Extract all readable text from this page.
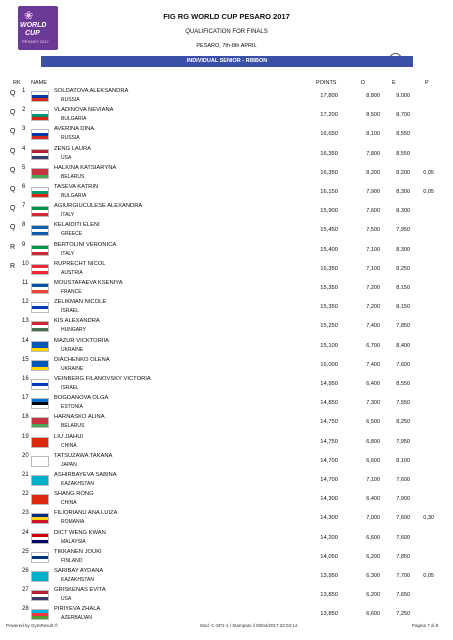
❀
WORLD
CUP
PESARO 2017
FIG RG WORLD CUP PESARO 2017
QUALIFICATION FOR FINALS
PESARO, 7th-8th APRIL
INDIVIDUAL SENIOR - RIBBON
RK NAME	POINTS	D	E	P
Q 1	SOLDATOVA ALEKSANDRA
RUSSIA
17,800	8,800	9,000
Q 2	VLADINOVA NEVIANA
BULGARIA
17,200	8,500	8,700
Q 3	AVERINA DINA
RUSSIA
16,650	8,100	8,550
Q 4	ZENG LAURA
USA
16,350	7,800	8,550
Q 5	HALKINA KATSIARYNA
BELARUS
16,350	8,200	8,200	0,05
Q 6	TASEVA KATRIN
BULGARIA
16,150	7,900	8,300	0,05
Q 7	AGIURGIUCULESE ALEXANDRA
ITALY
15,900	7,600	8,300
Q 8	KELAIDITI ELENI
GREECE
15,450	7,500	7,950
R 9	BERTOLINI VERONICA
ITALY
15,400	7,100	8,300
R 10	RUPRECHT NICOL
AUSTRIA
15,350	7,100	8,250
11	MOUSTAFAEVA KSENIYA
FRANCE
15,350	7,200	8,150
12	ZELIKMAN NICOLE
ISRAEL
15,350	7,200	8,150
13	KIS ALEXANDRA
HUNGARY
15,250	7,400	7,850
14	MAZUR VICKTORIIA
UKRAINE
15,100	6,700	8,400
15	DIACHENKO OLENA
UKRAINE
15,000	7,400	7,600
16	VEINBERG FILANOVSKY VICTORIA
ISRAEL
14,950	6,400	8,550
17	BOGDANOVA OLGA
ESTONIA
14,850	7,300	7,550
18	HARNASKO ALINA
BELARUS
14,750	6,500	8,250
19	LIU JIAHUI
CHINA
14,750	6,800	7,950
20	TATSUZAWA TAKANA
JAPAN
14,700	6,600	8,100
21	ASHIRBAYEVA SABINA
KAZAKHSTAN
14,700	7,100	7,600
22	SHANG RONG
CHINA
14,300	6,400	7,900
23	FILIORIANU ANA LUIZA
ROMANIA
14,300	7,000	7,600	0,30
24	DICT WENG KWAN
MALAYSIA
14,200	6,600	7,600
25	TIKKANEN JOUKI
FINLAND
14,050	6,200	7,850
26	SARIBAY AYDANA
KAZAKHSTAN
13,950	6,300	7,700	0,05
27	GRISKENAS EVITA
USA
13,850	6,200	7,650
28	PIRIYEVA ZHALA
AZERBAIJAN
13,850	6,600	7,250
Powered by GymResult ®	Mod. C-SP1-1 / Stampato il 08/04/2017 22:03:14	Pagina 7 di 8
